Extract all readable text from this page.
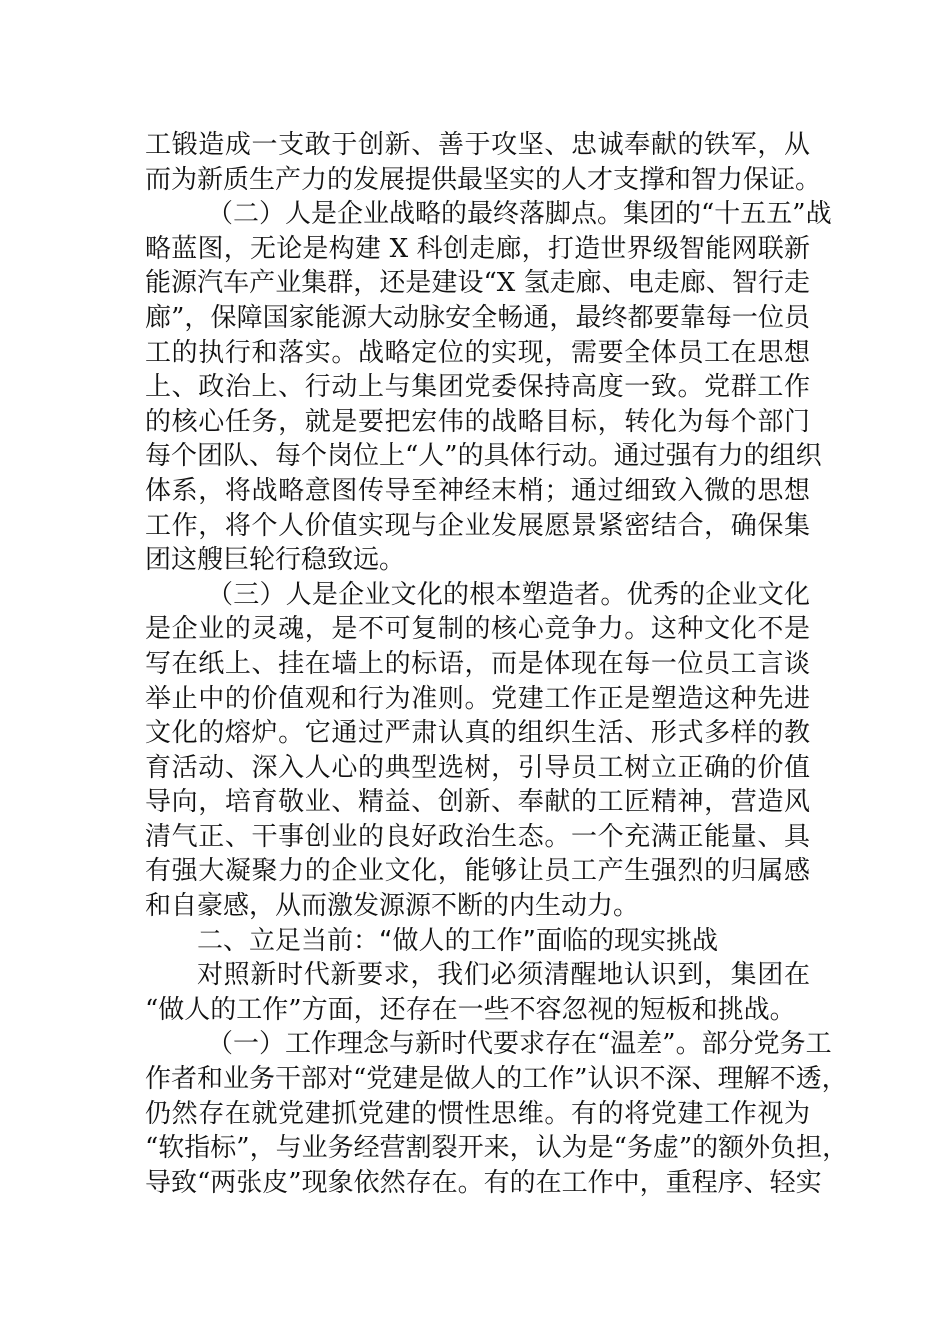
工锻造成一支敢于创新、善于攻坚、忠诚奉献的铁军，从
而为新质生产力的发展提供最坚实的人才支撑和智力保证。
（二）人是企业战略的最终落脚点。集团的“十五五”战
略蓝图，无论是构建 X 科创走廊，打造世界级智能网联新
能源汽车产业集群，还是建设“X 氢走廊、电走廊、智行走
廊”，保障国家能源大动脉安全畅通，最终都要靠每一位员
工的执行和落实。战略定位的实现，需要全体员工在思想
上、政治上、行动上与集团党委保持高度一致。党群工作
的核心任务，就是要把宏伟的战略目标，转化为每个部门
每个团队、每个岗位上“人”的具体行动。通过强有力的组织
体系，将战略意图传导至神经末梢；通过细致入微的思想
工作，将个人价值实现与企业发展愿景紧密结合，确保集
团这艘巨轮行稳致远。
（三）人是企业文化的根本塑造者。优秀的企业文化
是企业的灵魂，是不可复制的核心竞争力。这种文化不是
写在纸上、挂在墙上的标语，而是体现在每一位员工言谈
举止中的价值观和行为准则。党建工作正是塑造这种先进
文化的熔炉。它通过严肃认真的组织生活、形式多样的教
育活动、深入人心的典型选树，引导员工树立正确的价值
导向，培育敬业、精益、创新、奉献的工匠精神，营造风
清气正、干事创业的良好政治生态。一个充满正能量、具
有强大凝聚力的企业文化，能够让员工产生强烈的归属感
和自豪感，从而激发源源不断的内生动力。
二、立足当前：“做人的工作”面临的现实挑战
对照新时代新要求，我们必须清醒地认识到，集团在
“做人的工作”方面，还存在一些不容忽视的短板和挑战。
（一）工作理念与新时代要求存在“温差”。部分党务工
作者和业务干部对“党建是做人的工作”认识不深、理解不透，
仍然存在就党建抓党建的惯性思维。有的将党建工作视为
“软指标”，与业务经营割裂开来，认为是“务虚”的额外负担，
导致“两张皮”现象依然存在。有的在工作中，重程序、轻实
